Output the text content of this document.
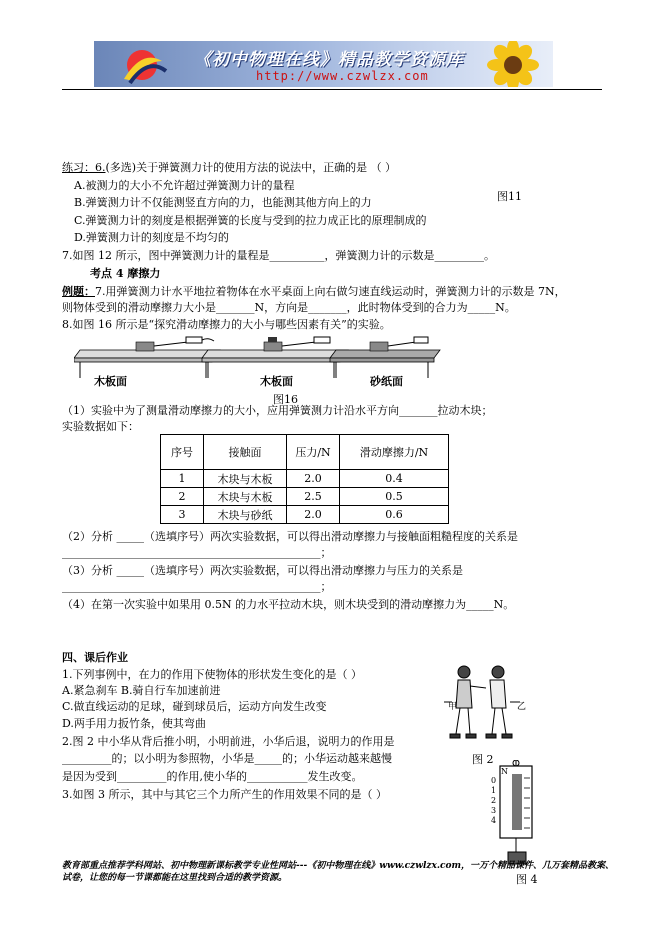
《初中物理在线》精品教学资源库
http://www.czwlzx.com
练习：6.(多选)关于弹簧测力计的使用方法的说法中，正确的是 （ ）
A.被测力的大小不允许超过弹簧测力计的量程
B.弹簧测力计不仅能测竖直方向的力，也能测其他方向上的力
C.弹簧测力计的刻度是根据弹簧的长度与受到的拉力成正比的原理制成的
D.弹簧测力计的刻度是不均匀的
图11
7.如图 12 所示，图中弹簧测力计的量程是__________，弹簧测力计的示数是_________。
考点 4 摩擦力
例题：7.用弹簧测力计水平地拉着物体在水平桌面上向右做匀速直线运动时，弹簧测力计的示数是 7N，
则物体受到的滑动摩擦力大小是_______N，方向是_______，此时物体受到的合力为_____N。
8.如图 16 所示是“探究滑动摩擦力的大小与哪些因素有关”的实验。
木板面	木板面	砂纸面
图16
（1）实验中为了测量滑动摩擦力的大小，应用弹簧测力计沿水平方向_______拉动木块；
实验数据如下：
序号	接触面	压力/N	滑动摩擦力/N
1	木块与木板	2.0	0.4
2	木块与木板	2.5	0.5
3	木块与砂纸	2.0	0.6
（2）分析 _____（选填序号）两次实验数据，可以得出滑动摩擦力与接触面粗糙程度的关系是
_______________________________________________；
（3）分析 _____（选填序号）两次实验数据，可以得出滑动摩擦力与压力的关系是
_______________________________________________；
（4）在第一次实验中如果用 0.5N 的力水平拉动木块，则木块受到的滑动摩擦力为_____N。
四、课后作业
1.下列事例中，在力的作用下使物体的形状发生变化的是（ ）
A.紧急刹车 B.骑自行车加速前进
C.做直线运动的足球，碰到球员后，运动方向发生改变
D.两手用力扳竹条，使其弯曲
2.图 2 中小华从背后推小明，小明前进，小华后退，说明力的作用是
_________的；以小明为参照物，小华是_____的；小华运动越来越慢
是因为受到_________的作用,使小华的___________发生改变。
3.如图 3 所示，其中与其它三个力所产生的作用效果不同的是（ ）
甲	乙
图 2
N
0
1
2
3
4
图 4
教育部重点推荐学科网站、初中物理新课标教学专业性网站---《初中物理在线》www.czwlzx.com，一万个精品课件、几万套精品教案、试卷，让您的每一节课都能在这里找到合适的教学资源。
